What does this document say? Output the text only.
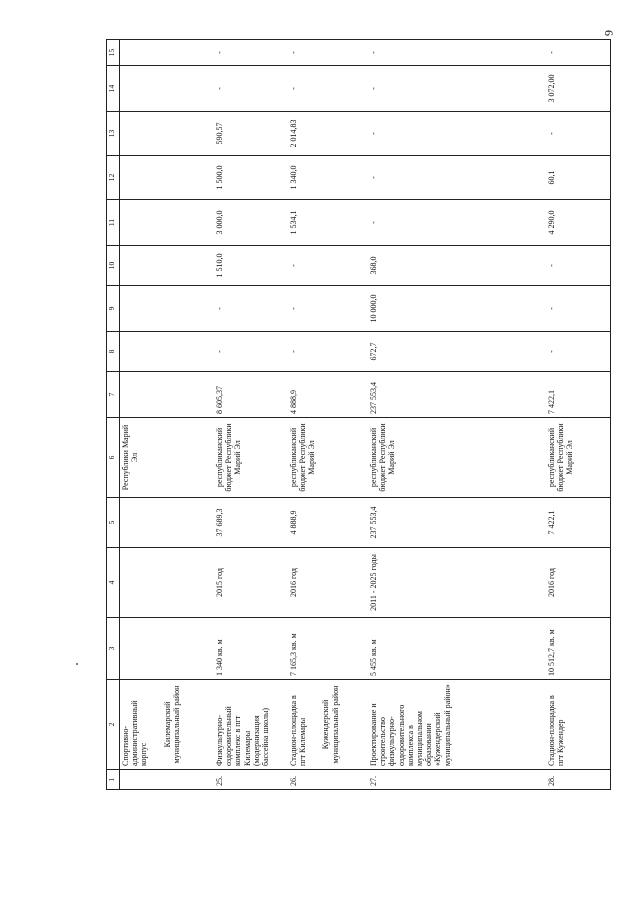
6
1	2	3	4	5	6	7	8	9	10	11	12	13	14	15
	Спортивно-административный корпус
Килемарский муниципальный район				Республики Марий Эл									
25.	Физкультурно-оздоровительный комплекс в пгт Килемары (модернизация бассейна школы)	1 340 кв. м	2015 год	37 689,3	республиканский бюджет Республики Марий Эл	8 605,37	-	-	1 510,0	3 000,0	1 500,0	590,57	-	-
26.	Стадион-площадка в пгт Килемары Кужендерский муниципальный район	7 165,3 кв. м	2016 год	4 888,9	республиканский бюджет Республики Марий Эл	4 888,9	-	-	-	1 534,1	1 340,0	2 014,83	-	-
27.	Проектирование и строительство физкультурно-оздоровительного комплекса в муниципальном образовании «Кужендерский муниципальный район»	5 455 кв. м	2011 - 2025 годы	237 553,4	республиканский бюджет Республики Марий Эл	237 553,4	672,7	10 000,0	368,0	-	-	-	-	-
28.	Стадион-площадка в пгт Кужендер	10 512,7 кв. м	2016 год	7 422,1	республиканский бюджет Республики Марий Эл	7 422,1	-	-	-	4 290,0	60,1	-	3 072,00	-
